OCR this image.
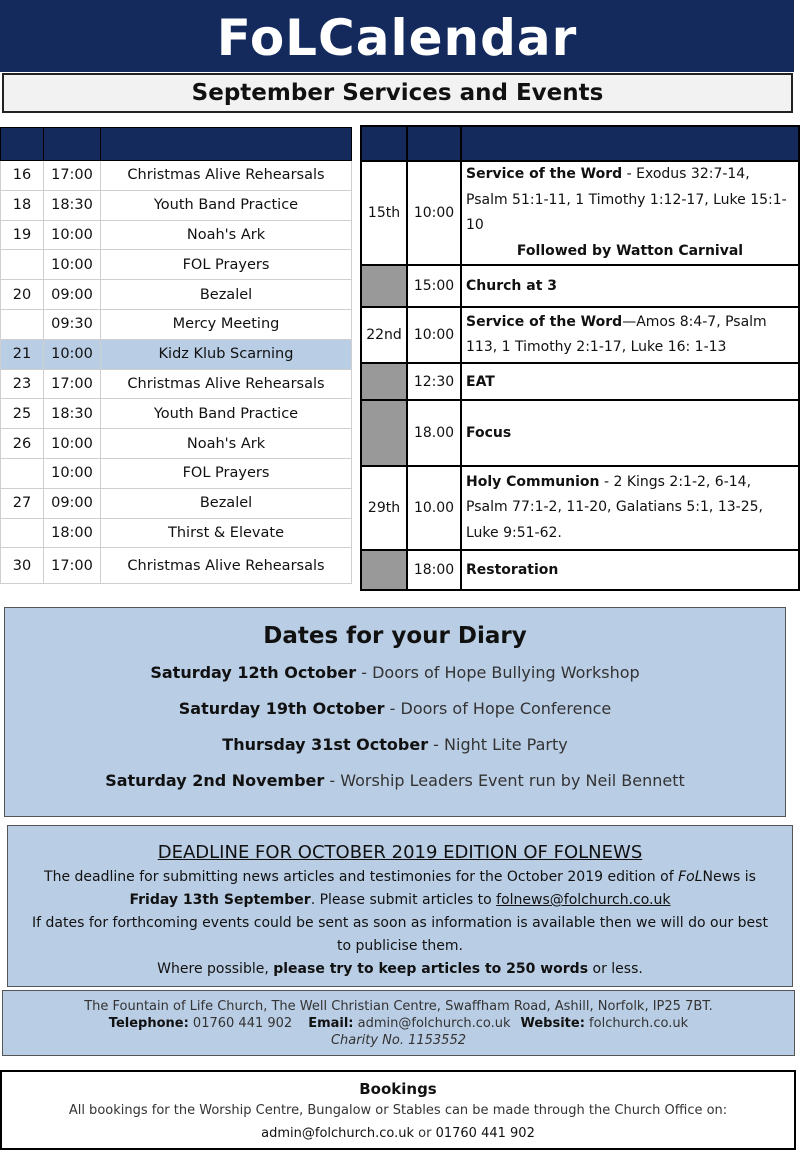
FoLCalendar
September Services and Events

16	17:00	Christmas Alive Rehearsals
18	18:30	Youth Band Practice
19	10:00	Noah's Ark
	10:00	FOL Prayers
20	09:00	Bezalel
	09:30	Mercy Meeting
21	10:00	Kidz Klub Scarning
23	17:00	Christmas Alive Rehearsals
25	18:30	Youth Band Practice
26	10:00	Noah's Ark
	10:00	FOL Prayers
27	09:00	Bezalel
	18:00	Thirst & Elevate
30	17:00	Christmas Alive Rehearsals

15th	10:00	Service of the Word - Exodus 32:7-14, Psalm 51:1-11, 1 Timothy 1:12-17, Luke 15:1-10
Followed by Watton Carnival

	15:00	Church at 3
22nd	10:00	Service of the Word—Amos 8:4-7, Psalm 113, 1 Timothy 2:1-17, Luke 16: 1-13
	12:30	EAT
	18.00	Focus
29th	10.00	Holy Communion - 2 Kings 2:1-2, 6-14, Psalm 77:1-2, 11-20, Galatians 5:1, 13-25,
Luke 9:51-62.

	18:00	Restoration
Dates for your Diary
Saturday 12th October - Doors of Hope Bullying Workshop
Saturday 19th October - Doors of Hope Conference
Thursday 31st October - Night Lite Party
Saturday 2nd November - Worship Leaders Event run by Neil Bennett
DEADLINE FOR OCTOBER 2019 EDITION OF FOLNEWS

The deadline for submitting news articles and testimonies for the October 2019 edition of FoLNews is Friday 13th September. Please submit articles to folnews@folchurch.co.uk

If dates for forthcoming events could be sent as soon as information is available then we will do our best to publicise them.

Where possible, please try to keep articles to 250 words or less.

The Fountain of Life Church, The Well Christian Centre, Swaffham Road, Ashill, Norfolk, IP25 7BT.
Telephone: 01760 441 902 Email: admin@folchurch.co.uk Website: folchurch.co.uk
Charity No. 1153552
Bookings

All bookings for the Worship Centre, Bungalow or Stables can be made through the Church Office on:

admin@folchurch.co.uk or 01760 441 902
